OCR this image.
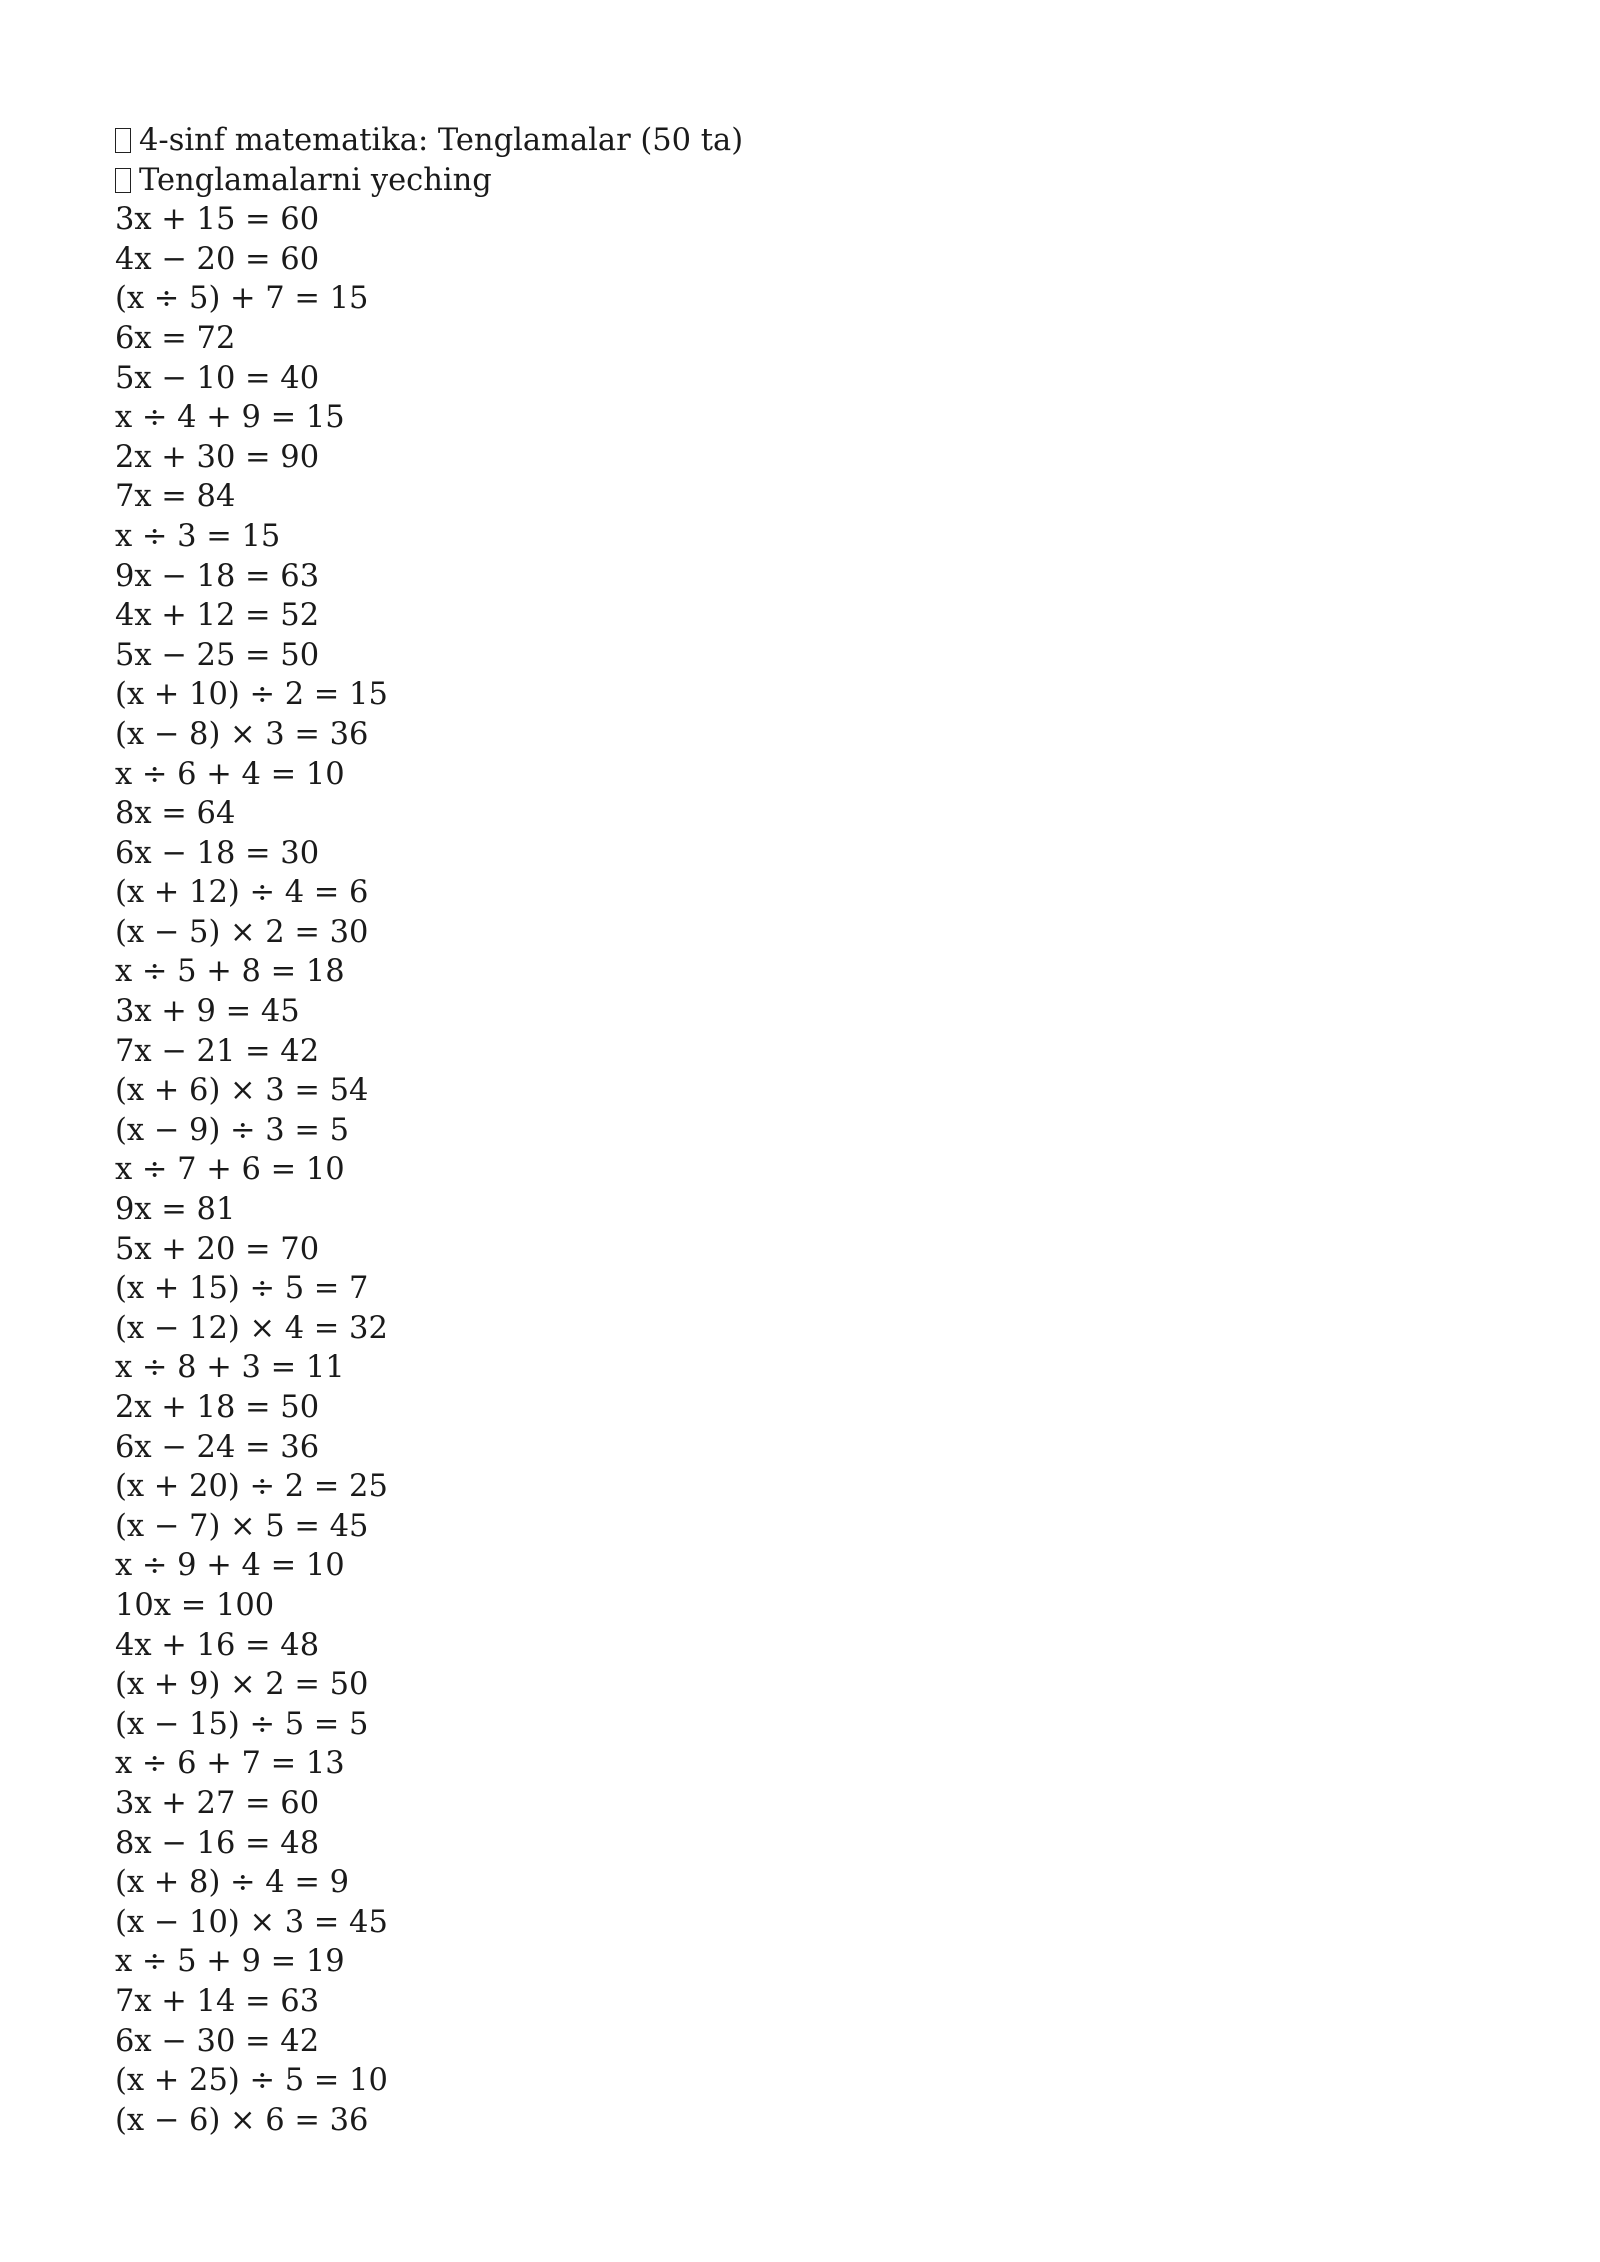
4-sinf matematika: Tenglamalar (50 ta)
Tenglamalarni yeching
3x + 15 = 60
4x − 20 = 60
(x ÷ 5) + 7 = 15
6x = 72
5x − 10 = 40
x ÷ 4 + 9 = 15
2x + 30 = 90
7x = 84
x ÷ 3 = 15
9x − 18 = 63
4x + 12 = 52
5x − 25 = 50
(x + 10) ÷ 2 = 15
(x − 8) × 3 = 36
x ÷ 6 + 4 = 10
8x = 64
6x − 18 = 30
(x + 12) ÷ 4 = 6
(x − 5) × 2 = 30
x ÷ 5 + 8 = 18
3x + 9 = 45
7x − 21 = 42
(x + 6) × 3 = 54
(x − 9) ÷ 3 = 5
x ÷ 7 + 6 = 10
9x = 81
5x + 20 = 70
(x + 15) ÷ 5 = 7
(x − 12) × 4 = 32
x ÷ 8 + 3 = 11
2x + 18 = 50
6x − 24 = 36
(x + 20) ÷ 2 = 25
(x − 7) × 5 = 45
x ÷ 9 + 4 = 10
10x = 100
4x + 16 = 48
(x + 9) × 2 = 50
(x − 15) ÷ 5 = 5
x ÷ 6 + 7 = 13
3x + 27 = 60
8x − 16 = 48
(x + 8) ÷ 4 = 9
(x − 10) × 3 = 45
x ÷ 5 + 9 = 19
7x + 14 = 63
6x − 30 = 42
(x + 25) ÷ 5 = 10
(x − 6) × 6 = 36
